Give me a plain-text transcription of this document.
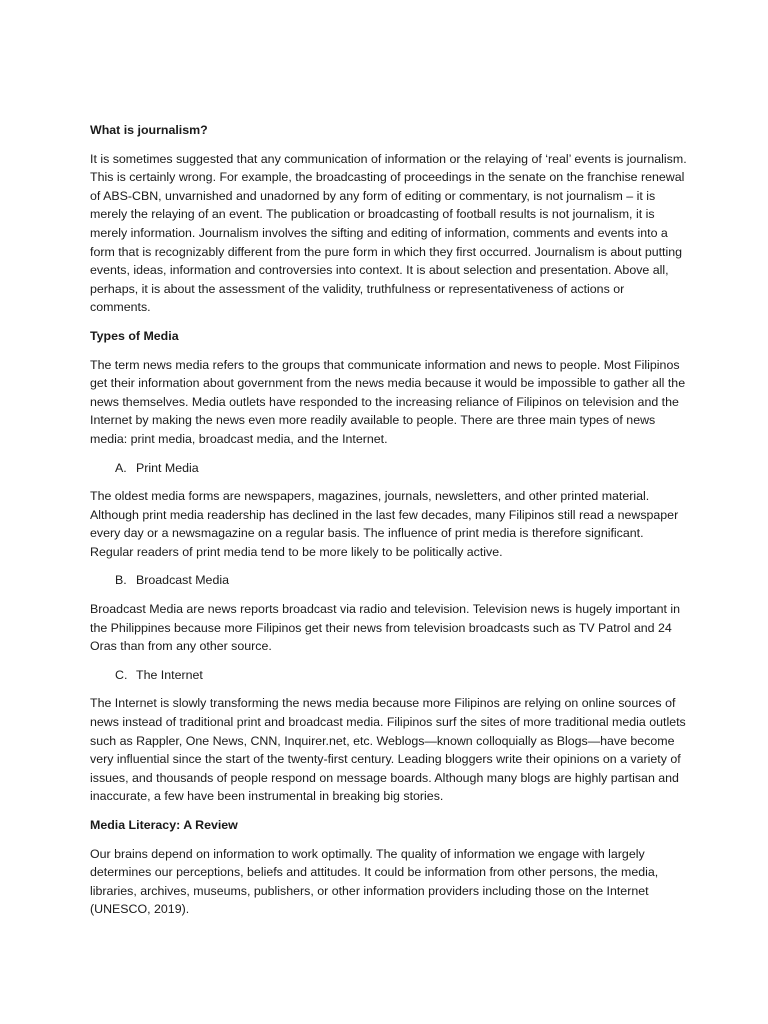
What is journalism?

It is sometimes suggested that any communication of information or the relaying of ‘real’ events is journalism. This is certainly wrong. For example, the broadcasting of proceedings in the senate on the franchise renewal of ABS-CBN, unvarnished and unadorned by any form of editing or commentary, is not journalism – it is merely the relaying of an event. The publication or broadcasting of football results is not journalism, it is merely information. Journalism involves the sifting and editing of information, comments and events into a form that is recognizably different from the pure form in which they first occurred. Journalism is about putting events, ideas, information and controversies into context. It is about selection and presentation. Above all, perhaps, it is about the assessment of the validity, truthfulness or representativeness of actions or comments.

Types of Media

The term news media refers to the groups that communicate information and news to people. Most Filipinos get their information about government from the news media because it would be impossible to gather all the news themselves. Media outlets have responded to the increasing reliance of Filipinos on television and the Internet by making the news even more readily available to people. There are three main types of news media: print media, broadcast media, and the Internet.

A. Print Media

The oldest media forms are newspapers, magazines, journals, newsletters, and other printed material. Although print media readership has declined in the last few decades, many Filipinos still read a newspaper every day or a newsmagazine on a regular basis. The influence of print media is therefore significant. Regular readers of print media tend to be more likely to be politically active.

B. Broadcast Media

Broadcast Media are news reports broadcast via radio and television. Television news is hugely important in the Philippines because more Filipinos get their news from television broadcasts such as TV Patrol and 24 Oras than from any other source.

C. The Internet

The Internet is slowly transforming the news media because more Filipinos are relying on online sources of news instead of traditional print and broadcast media. Filipinos surf the sites of more traditional media outlets such as Rappler, One News, CNN, Inquirer.net, etc. Weblogs—known colloquially as Blogs—have become very influential since the start of the twenty-first century. Leading bloggers write their opinions on a variety of issues, and thousands of people respond on message boards. Although many blogs are highly partisan and inaccurate, a few have been instrumental in breaking big stories.

Media Literacy: A Review

Our brains depend on information to work optimally. The quality of information we engage with largely determines our perceptions, beliefs and attitudes. It could be information from other persons, the media, libraries, archives, museums, publishers, or other information providers including those on the Internet (UNESCO, 2019).
